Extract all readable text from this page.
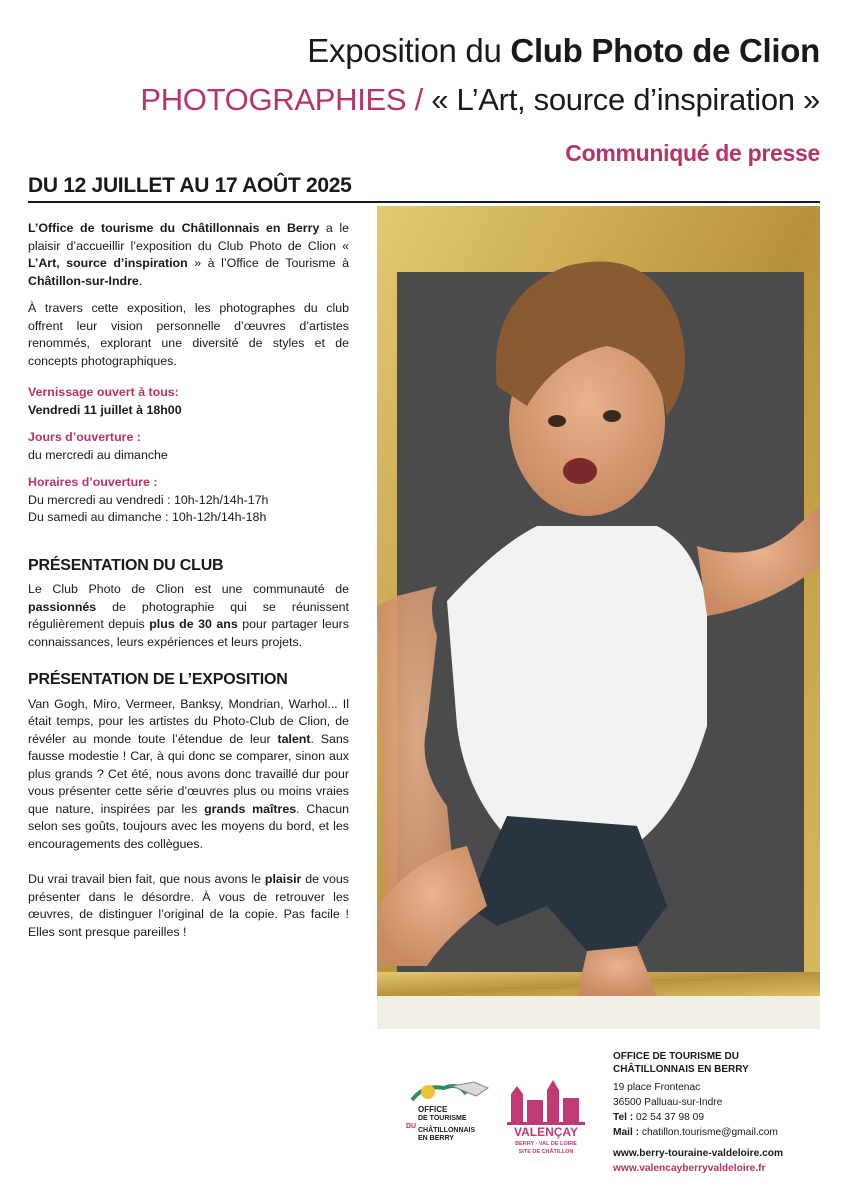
Exposition du Club Photo de Clion
PHOTOGRAPHIES / « L’Art, source d’inspiration »
Communiqué de presse
DU 12 JUILLET AU 17 AOÛT 2025

L’Office de tourisme du Châtillonnais en Berry a le plaisir d’accueillir l’exposition du Club Photo de Clion « L’Art, source d’inspiration » à l’Office de Tourisme à Châtillon-sur-Indre.

À travers cette exposition, les photographes du club offrent leur vision personnelle d’œuvres d’artistes renommés, explorant une diversité de styles et de concepts photographiques.

Vernissage ouvert à tous:
Vendredi 11 juillet à 18h00
Jours d’ouverture :
du mercredi au dimanche
Horaires d’ouverture :
Du mercredi au vendredi : 10h-12h/14h-17h
Du samedi au dimanche : 10h-12h/14h-18h
PRÉSENTATION DU CLUB

Le Club Photo de Clion est une communauté de passionnés de photographie qui se réunissent régulièrement depuis plus de 30 ans pour partager leurs connaissances, leurs expériences et leurs projets.

PRÉSENTATION DE L’EXPOSITION

Van Gogh, Miro, Vermeer, Banksy, Mondrian, Warhol... Il était temps, pour les artistes du Photo-Club de Clion, de révéler au monde toute l’étendue de leur talent. Sans fausse modestie ! Car, à qui donc se comparer, sinon aux plus grands ? Cet été, nous avons donc travaillé dur pour vous présenter cette série d’œuvres plus ou moins vraies que nature, inspirées par les grands maîtres. Chacun selon ses goûts, toujours avec les moyens du bord, et les encouragements des collègues.

Du vrai travail bien fait, que nous avons le plaisir de vous présenter dans le désordre. À vous de retrouver les œuvres, de distinguer l’original de la copie. Pas facile ! Elles sont presque pareilles !

OFFICE
DE TOURISME
DU
CHÂTILLONNAIS
EN BERRY	VALENÇAY
BERRY · VAL DE LOIRE
SITE DE CHÂTILLON
OFFICE DE TOURISME DU
CHÂTILLONNAIS EN BERRY
19 place Frontenac
36500 Palluau-sur-Indre
Tel : 02 54 37 98 09
Mail : chatillon.tourisme@gmail.com
www.berry-touraine-valdeloire.com
www.valencayberryvaldeloire.fr
